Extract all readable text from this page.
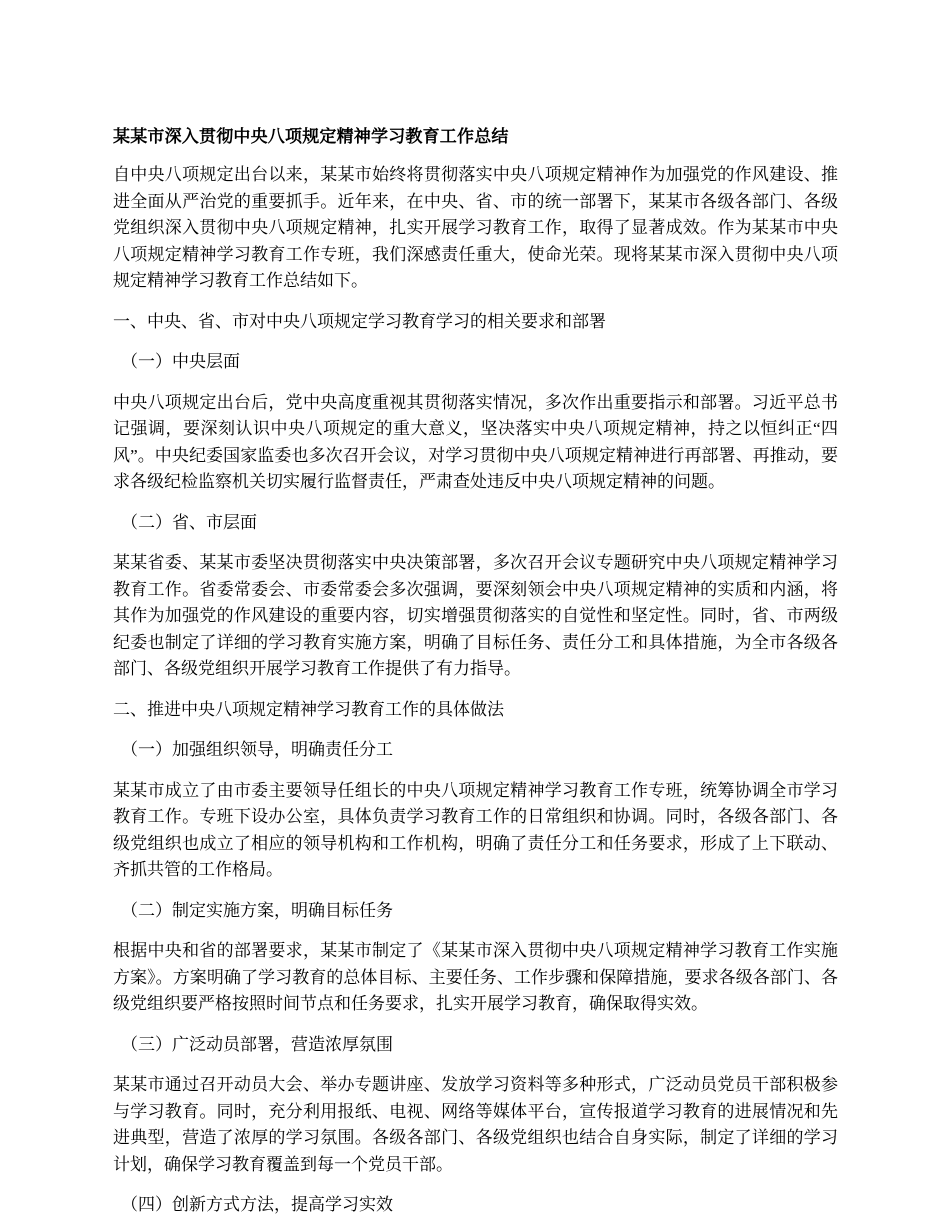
某某市深入贯彻中央八项规定精神学习教育工作总结

自中央八项规定出台以来，某某市始终将贯彻落实中央八项规定精神作为加强党的作风建设、推进全面从严治党的重要抓手。近年来，在中央、省、市的统一部署下，某某市各级各部门、各级党组织深入贯彻中央八项规定精神，扎实开展学习教育工作，取得了显著成效。作为某某市中央八项规定精神学习教育工作专班，我们深感责任重大，使命光荣。现将某某市深入贯彻中央八项规定精神学习教育工作总结如下。

一、中央、省、市对中央八项规定学习教育学习的相关要求和部署

（一）中央层面

中央八项规定出台后，党中央高度重视其贯彻落实情况，多次作出重要指示和部署。习近平总书记强调，要深刻认识中央八项规定的重大意义，坚决落实中央八项规定精神，持之以恒纠正“四风”。中央纪委国家监委也多次召开会议，对学习贯彻中央八项规定精神进行再部署、再推动，要求各级纪检监察机关切实履行监督责任，严肃查处违反中央八项规定精神的问题。

（二）省、市层面

某某省委、某某市委坚决贯彻落实中央决策部署，多次召开会议专题研究中央八项规定精神学习教育工作。省委常委会、市委常委会多次强调，要深刻领会中央八项规定精神的实质和内涵，将其作为加强党的作风建设的重要内容，切实增强贯彻落实的自觉性和坚定性。同时，省、市两级纪委也制定了详细的学习教育实施方案，明确了目标任务、责任分工和具体措施，为全市各级各部门、各级党组织开展学习教育工作提供了有力指导。

二、推进中央八项规定精神学习教育工作的具体做法

（一）加强组织领导，明确责任分工

某某市成立了由市委主要领导任组长的中央八项规定精神学习教育工作专班，统筹协调全市学习教育工作。专班下设办公室，具体负责学习教育工作的日常组织和协调。同时，各级各部门、各级党组织也成立了相应的领导机构和工作机构，明确了责任分工和任务要求，形成了上下联动、齐抓共管的工作格局。

（二）制定实施方案，明确目标任务

根据中央和省的部署要求，某某市制定了《某某市深入贯彻中央八项规定精神学习教育工作实施方案》。方案明确了学习教育的总体目标、主要任务、工作步骤和保障措施，要求各级各部门、各级党组织要严格按照时间节点和任务要求，扎实开展学习教育，确保取得实效。

（三）广泛动员部署，营造浓厚氛围

某某市通过召开动员大会、举办专题讲座、发放学习资料等多种形式，广泛动员党员干部积极参与学习教育。同时，充分利用报纸、电视、网络等媒体平台，宣传报道学习教育的进展情况和先进典型，营造了浓厚的学习氛围。各级各部门、各级党组织也结合自身实际，制定了详细的学习计划，确保学习教育覆盖到每一个党员干部。

（四）创新方式方法，提高学习实效
